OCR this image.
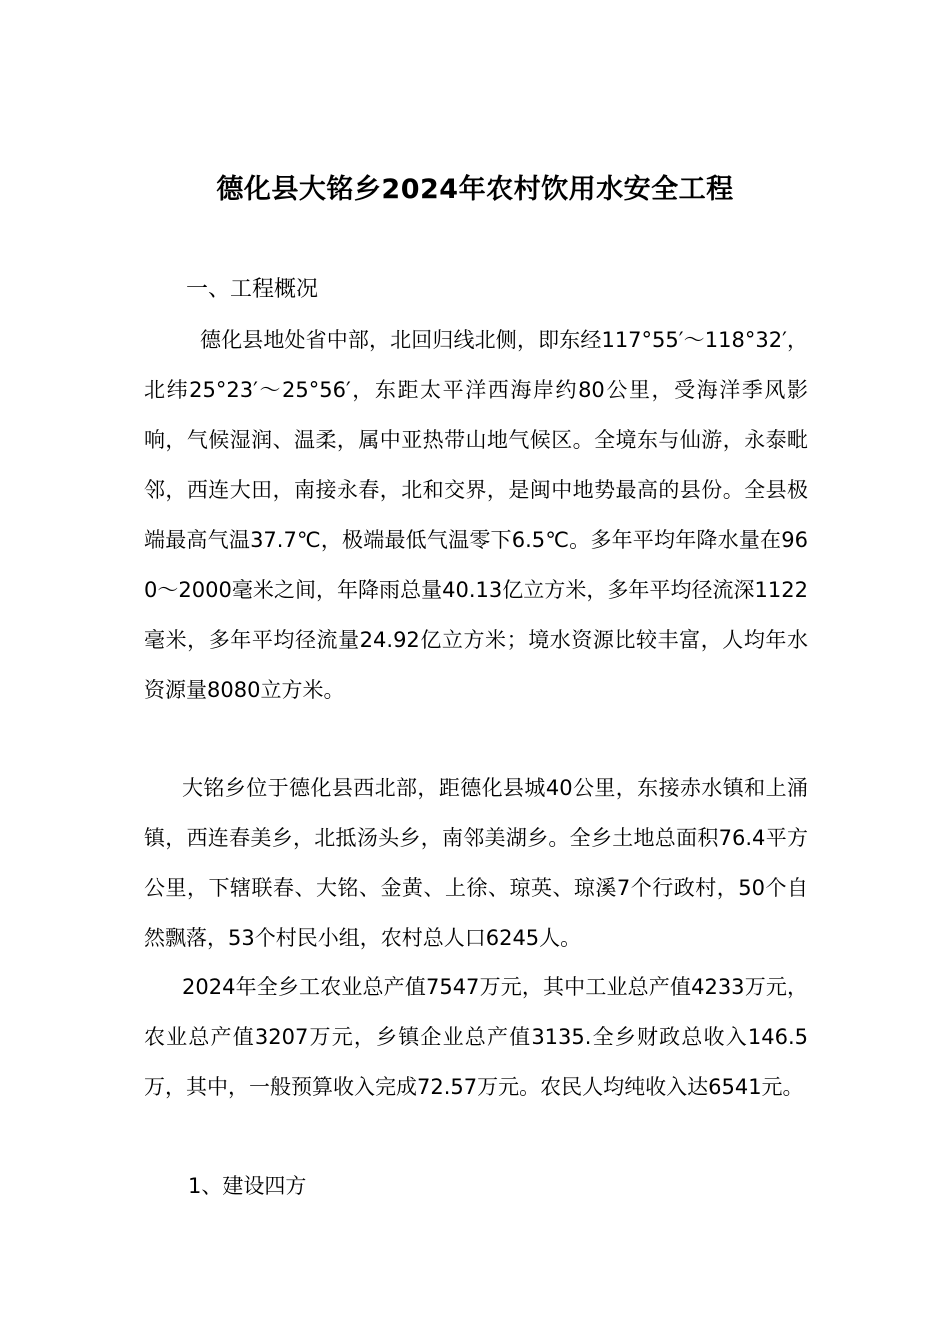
德化县大铭乡2024年农村饮用水安全工程
一、工程概况

德化县地处省中部，北回归线北侧，即东经117°55′～118°32′，北纬25°23′～25°56′，东距太平洋西海岸约80公里，受海洋季风影响，气候湿润、温柔，属中亚热带山地气候区。全境东与仙游，永泰毗邻，西连大田，南接永春，北和交界，是闽中地势最高的县份。全县极端最高气温37.7℃，极端最低气温零下6.5℃。多年平均年降水量在960～2000毫米之间，年降雨总量40.13亿立方米，多年平均径流深1122毫米，多年平均径流量24.92亿立方米；境水资源比较丰富，人均年水资源量8080立方米。

大铭乡位于德化县西北部，距德化县城40公里，东接赤水镇和上涌镇，西连春美乡，北抵汤头乡，南邻美湖乡。全乡土地总面积76.4平方公里，下辖联春、大铭、金黄、上徐、琼英、琼溪7个行政村，50个自然飘落，53个村民小组，农村总人口6245人。

2024年全乡工农业总产值7547万元，其中工业总产值4233万元，农业总产值3207万元，乡镇企业总产值3135.全乡财政总收入146.5万，其中，一般预算收入完成72.57万元。农民人均纯收入达6541元。

1、建设四方
